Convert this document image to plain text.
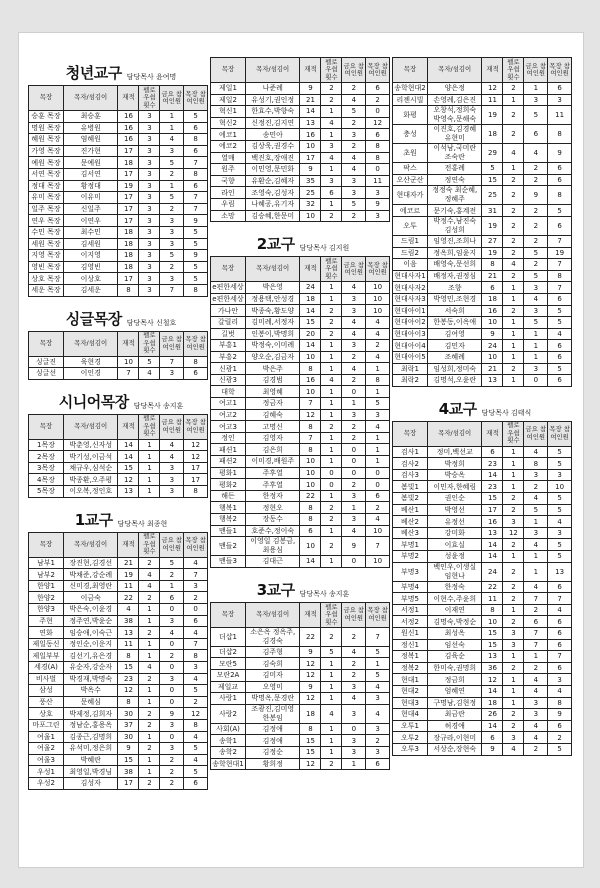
청년교구 담당목사 윤여명
목장	목자/섬김이	재적	펠로우쉽 횟수	금요 참여인원	목장 참여인원
승훈 목장	최승훈	16	3	1	5
명원 목장	유병원	16	3	1	6
혜원 목장	염혜원	16	3	4	8
가영 목장	진가현	17	3	3	6
예원 목장	문예원	18	3	5	7
서연 목장	김서연	17	3	2	8
정대 목장	황정대	19	3	1	6
유미 목장	이유미	17	3	5	7
일주 목장	신일주	17	3	2	7
연우 목장	이연우	17	3	3	9
수민 목장	최수민	18	3	3	5
세원 목장	김세원	18	3	3	5
지영 목장	이지영	18	3	5	9
영빈 목장	김영빈	18	3	2	5
상호 목장	이상호	17	3	3	5
세운 목장	김세운	8	3	7	8
싱글목장 담당목사 신철호
목장	목자/섬김이	재적	펠로우쉽 횟수	금요 참여인원	목장 참여인원
싱글진	육현경	10	5	7	8
싱글선	이인경	7	4	3	6
시니어목장 담당목사 송지훈
목장	목자/섬김이	재적	펠로우쉽 횟수	금요 참여인원	목장 참여인원
1목장	박춘영,신자성	14	1	4	12
2목장	박기성,이금석	14	1	4	12
3목장	채규우,심석순	15	1	3	17
4목장	박종환,오주평	12	1	3	17
5목장	이오복,정인호	13	1	3	8
1교구 담당목사 최종현
목장	목자/섬김이	재적	펠로우쉽 횟수	금요 참여인원	목장 참여인원
남부1	장진현,김경선	21	2	5	4
남부2	박채준,강순례	19	4	2	7
한양1	신미경,최영란	11	4	1	3
한양2	이금숙	22	2	6	2
한양3	박은숙,이윤경	4	1	0	0
주현	정주연,박윤순	38	1	3	6
연화	임승애,이숙근	13	2	4	4
제일동신	정인순,이운지	11	1	0	7
제일부부	김선기,유은경	8	1	2	8
세경(A)	유순자,강순자	15	4	0	3
비사벌	박경재,박명숙	23	2	3	4
삼성	박옥수	12	1	0	5
풍산	문혜심	8	1	0	2
상호	박제정,김희자	30	2	9	12
마포그린	정남순,홍용옥	37	2	3	8
여울1	김종근,김명희	30	1	0	4
여울2	유석미,정은희	9	2	3	5
여울3	박혜란	15	1	2	4
우성1	최영일,박경님	38	1	2	5
우성2	김성자	17	2	2	6
목장	목자/섬김이	재적	펠로우쉽 횟수	금요 참여인원	목장 참여인원
제일1	나준례	9	2	2	6
제일2	유성기,권인정	21	2	4	2
혁신1	한효수,박향숙	14	1	5	0
혁신2	신정진,김지연	13	4	2	12
에코1	송민아	16	1	3	6
에코2	김상욱,권경수	10	3	2	8
열매	백진호,장애진	17	4	4	8
원주	이민영,문민화	9	1	4	0
국향	유환순,김혜자	35	3	3	11
라인	조영숙,김성자	25	6	3	3
우림	나혜공,유기자	32	1	5	9
소망	김승혜,한문미	10	2	2	3
2교구 담당목사 김지원
목장	목자/섬김이	재적	펠로우쉽 횟수	금요 참여인원	목장 참여인원
e편한세상	박은영	24	1	4	10
e편한세상	정용택,안성경	18	1	3	10
가나안	박종숙,황도양	14	2	3	10
갈릴리	김미례,서정자	15	2	4	4
길벗	인봉이,박명희	20	2	4	4
부흥1	박정숙,이미례	14	1	3	2
부흥2	양오순,김금자	10	1	2	4
신광1	박은주	8	1	4	1
신광3	김경범	16	4	2	8
대학	최영혜	10	1	0	1
여고1	정금자	7	1	1	5
여고2	김혜숙	12	1	3	3
여고3	고명신	8	2	2	4
정인	김영자	7	1	2	1
패션1	김은희	8	1	0	1
패션2	이미경,배원주	10	1	0	1
평화1	주후열	10	0	0	0
평화2	주후열	10	0	2	0
해든	한정자	22	1	3	6
행복1	정현오	8	2	1	2
행복2	장동수	8	2	3	4
맨들1	호준수,정이숙	6	1	4	10
맨들2	이영일 김봉금,최용심	10	2	9	7
맨들3	김대근	14	1	0	10
3교구 담당목사 송지훈
목장	목자/섬김이	재적	펠로우쉽 횟수	금요 참여인원	목장 참여인원
더샵1	소은옥 정옥주,김경숙	22	2	2	7
더샵2	김주형	9	5	4	5
모란5	김숙희	12	1	2	1
모란2A	김미자	12	1	2	5
제일교	오영미	9	1	3	4
사랑1	박명옥,문경란	12	1	4	3
사랑2	조광진,김미영 한봉임	18	4	3	4
사회(A)	김정애	8	1	0	3
송학1	김정애	15	1	3	2
송학2	김정순	15	1	3	3
송학현대1	황희정	12	2	1	6
목장	목자/섬김이	재적	펠로우쉽 횟수	금요 참여인원	목장 참여인원
송학현대2	양은정	12	2	1	6
리젠시빌	손영례,김은진	11	1	3	3
화평	오창석,정희숙 박영숙,문해숙	19	2	5	11
충성	이진호,김경혜 유현미	18	2	6	8
초원	이석남,국미란 조숙란	29	4	4	9
팍스	전홍례	5	1	2	6
오산군산	정연숙	15	2	2	6
현대자가	정정숙 최순혜,정혜주	25	2	9	8
에코르	문기숙,홍계전	31	2	2	5
오투	박정수,남진숙 김성희	19	2	2	6
드림1	임영진,조희나	27	2	2	7
드림2	정옥희,임윤지	19	2	5	19
이음	배영숙,문선희	8	4	2	7
현대사자1	배정자,권정심	21	2	5	8
현대사자2	조향	6	1	3	7
현대사자3	박영민,조현경	18	1	4	6
현대아이1	서숙희	16	2	3	5
현대아이2	한봉동,이옥애	10	1	5	5
현대아이3	김여영	9	1	1	4
현대아이4	김민자	24	1	1	6
현대아이5	조혜례	10	1	1	6
최락1	임성희,정미숙	21	2	3	5
최락2	김명석,오윤란	13	1	0	6
4교구 담당목사 김태식
목장	목자/섬김이	재적	펠로우쉽 횟수	금요 참여인원	목장 참여인원
검사1	정미,백선교	6	1	4	5
검사2	박정희	23	1	8	5
검사3	박승옥	14	1	3	3
봄빛1	이민자,한혜림	23	1	2	10
봄빛2	권인순	15	2	4	5
베산1	박영선	17	2	5	5
베산2	유정선	16	3	1	4
베산3	강미화	13	12	3	3
부명1	이효실	14	2	4	5
부명2	성윤정	14	1	1	5
부명3	백인우,이생실 임현나	24	2	1	13
부명4	한정숙	22	2	4	6
부명5	이현수,주윤희	11	2	7	7
서정1	이재연	8	1	2	4
서정2	김명숙,박정순	10	2	6	6
원신1	최성옥	15	3	7	6
정신1	임선숙	15	3	7	6
정복1	김육순	13	1	1	7
정복2	한미숙,권명희	36	2	2	6
현대1	정금희	12	1	4	3
현대2	엄혜연	14	1	4	4
현대3	구명남,김현정	18	1	3	8
현대4	최금란	26	2	3	9
오투1	허경애	14	2	4	6
오투2	장규라,이현미	6	3	4	2
오투3	서상순,장현숙	9	4	2	5
